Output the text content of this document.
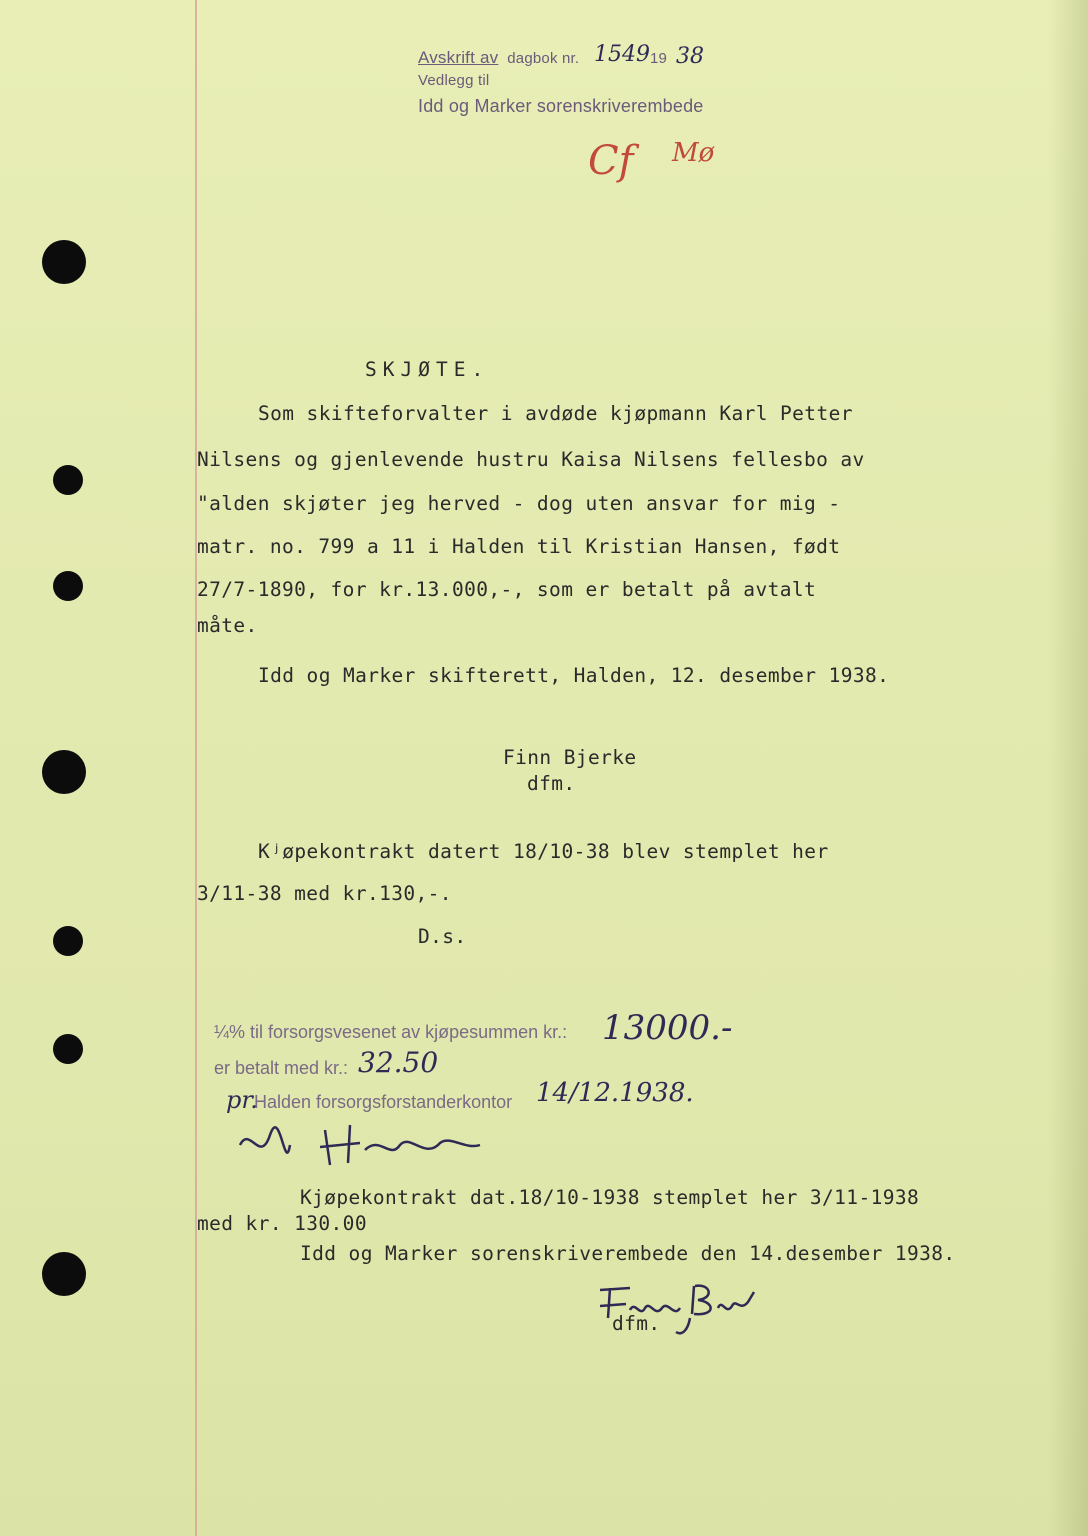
Avskrift av dagbok nr. 1549 19 38
Vedlegg til
Idd og Marker sorenskriverembede
Cf Mø
SKJØTE.
Som skifteforvalter i avdøde kjøpmann Karl Petter
Nilsens og gjenlevende hustru Kaisa Nilsens fellesbo av
"alden skjøter jeg herved - dog uten ansvar for mig -
matr. no. 799 a 11 i Halden til Kristian Hansen, født
27/7-1890, for kr.13.000,-, som er betalt på avtalt
måte.
Idd og Marker skifterett, Halden, 12. desember 1938.
Finn Bjerke
dfm.
Kʲøpekontrakt datert 18/10-38 blev stemplet her
3/11-38 med kr.130,-.
D.s.
¼% til forsorgsvesenet av kjøpesummen kr.: 13000.-
er betalt med kr.: 32.50
pr.
Halden forsorgsforstanderkontor 14/12.1938.
Kjøpekontrakt dat.18/10-1938 stemplet her 3/11-1938
med kr. 130.00
Idd og Marker sorenskriverembede den 14.desember 1938.
dfm.
